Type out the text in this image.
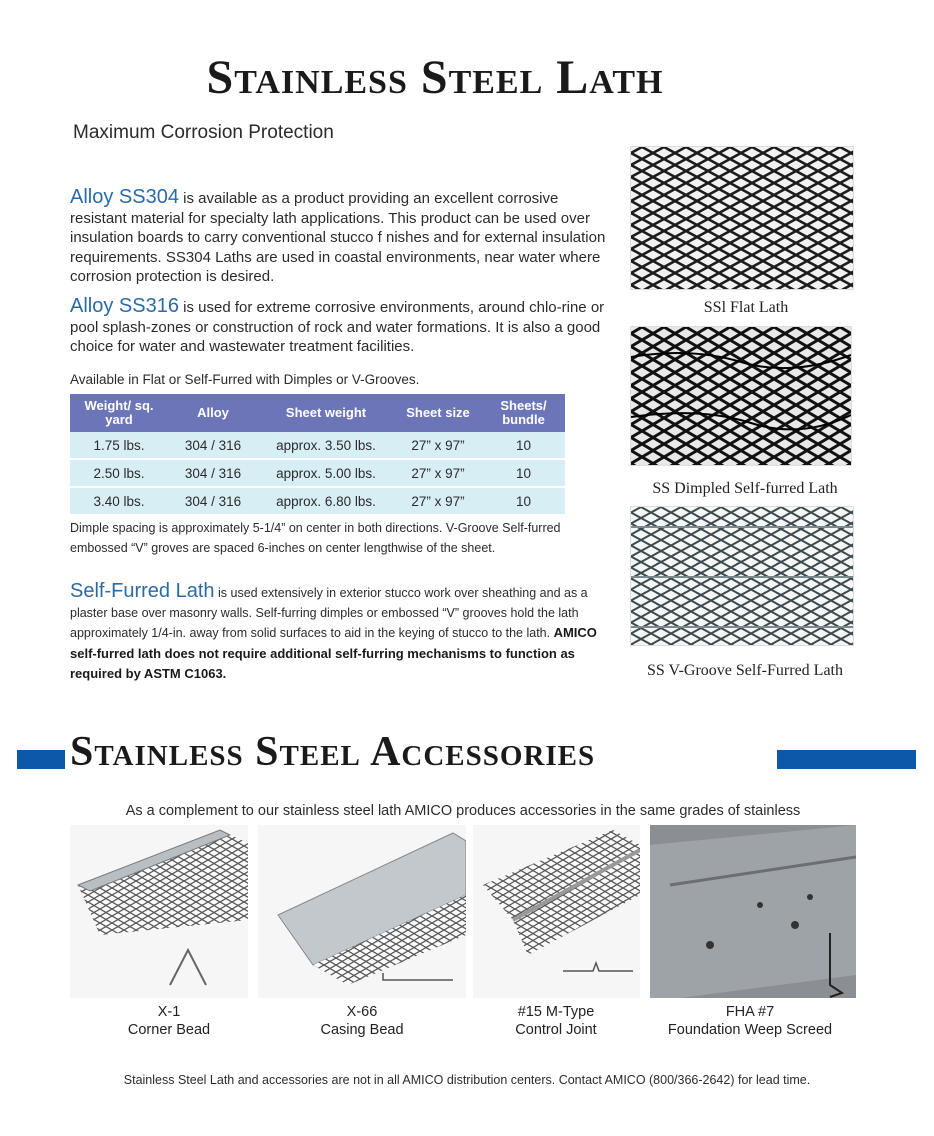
Stainless Steel Lath
Maximum Corrosion Protection
Alloy SS304 is available as a product providing an excellent corrosive resistant material for specialty lath applications. This product can be used over insulation boards to carry conventional stucco f nishes and for external insulation requirements. SS304 Laths are used in coastal environments, near water where corrosion protection is desired.
Alloy SS316 is used for extreme corrosive environments, around chlo-rine or pool splash-zones or construction of rock and water formations. It is also a good choice for water and wastewater treatment facilities.
Available in Flat or Self-Furred with Dimples or V-Grooves.
Weight/ sq. yard	Alloy	Sheet weight	Sheet size	Sheets/ bundle
1.75 lbs.	304 / 316	approx. 3.50 lbs.	27” x 97”	10
2.50 lbs.	304 / 316	approx. 5.00 lbs.	27” x 97”	10
3.40 lbs.	304 / 316	approx. 6.80 lbs.	27” x 97”	10
Dimple spacing is approximately 5-1/4” on center in both directions. V-Groove Self-furred embossed “V” groves are spaced 6-inches on center lengthwise of the sheet.
Self-Furred Lath is used extensively in exterior stucco work over sheathing and as a plaster base over masonry walls. Self-furring dimples or embossed “V” grooves hold the lath approximately 1/4-in. away from solid surfaces to aid in the keying of stucco to the lath. AMICO self-furred lath does not require additional self-furring mechanisms to function as required by ASTM C1063.
SSl Flat Lath
SS Dimpled Self-furred Lath
SS V-Groove Self-Furred Lath
Stainless Steel Accessories
As a complement to our stainless steel lath AMICO produces accessories in the same grades of stainless
X-1
Corner Bead
X-66
Casing Bead
#15 M-Type
Control Joint
FHA #7
Foundation Weep Screed
Stainless Steel Lath and accessories are not in all AMICO distribution centers. Contact AMICO (800/366-2642) for lead time.
